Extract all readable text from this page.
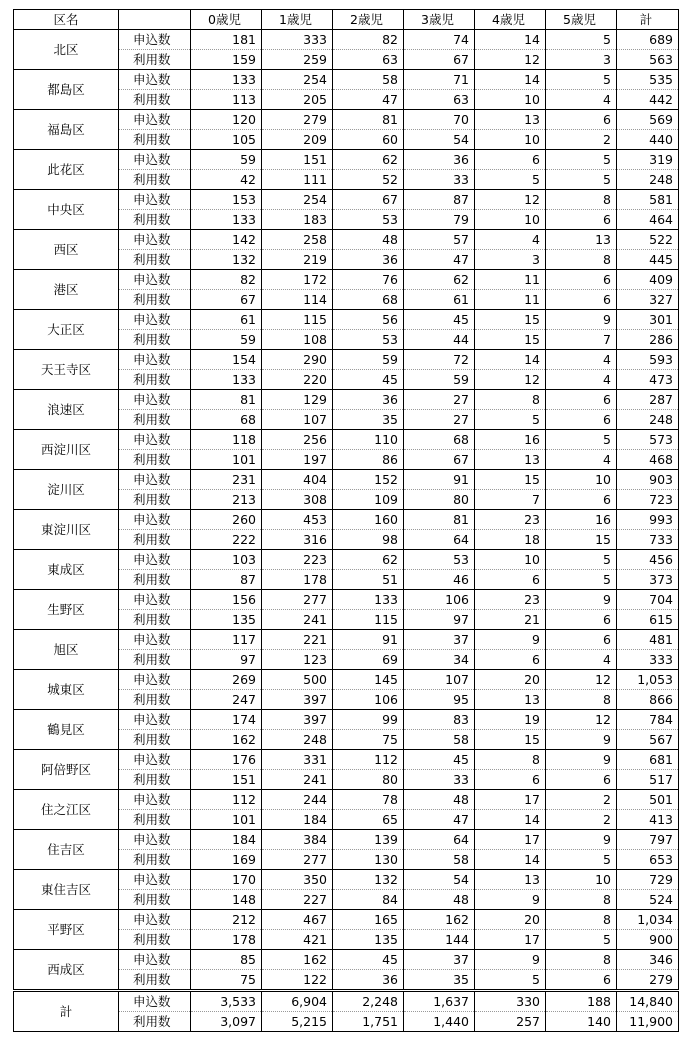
区名		0歳児	1歳児	2歳児	3歳児	4歳児	5歳児	計
北区	申込数	181	333	82	74	14	5	689
	利用数	159	259	63	67	12	3	563
都島区	申込数	133	254	58	71	14	5	535
	利用数	113	205	47	63	10	4	442
福島区	申込数	120	279	81	70	13	6	569
	利用数	105	209	60	54	10	2	440
此花区	申込数	59	151	62	36	6	5	319
	利用数	42	111	52	33	5	5	248
中央区	申込数	153	254	67	87	12	8	581
	利用数	133	183	53	79	10	6	464
西区	申込数	142	258	48	57	4	13	522
	利用数	132	219	36	47	3	8	445
港区	申込数	82	172	76	62	11	6	409
	利用数	67	114	68	61	11	6	327
大正区	申込数	61	115	56	45	15	9	301
	利用数	59	108	53	44	15	7	286
天王寺区	申込数	154	290	59	72	14	4	593
	利用数	133	220	45	59	12	4	473
浪速区	申込数	81	129	36	27	8	6	287
	利用数	68	107	35	27	5	6	248
西淀川区	申込数	118	256	110	68	16	5	573
	利用数	101	197	86	67	13	4	468
淀川区	申込数	231	404	152	91	15	10	903
	利用数	213	308	109	80	7	6	723
東淀川区	申込数	260	453	160	81	23	16	993
	利用数	222	316	98	64	18	15	733
東成区	申込数	103	223	62	53	10	5	456
	利用数	87	178	51	46	6	5	373
生野区	申込数	156	277	133	106	23	9	704
	利用数	135	241	115	97	21	6	615
旭区	申込数	117	221	91	37	9	6	481
	利用数	97	123	69	34	6	4	333
城東区	申込数	269	500	145	107	20	12	1,053
	利用数	247	397	106	95	13	8	866
鶴見区	申込数	174	397	99	83	19	12	784
	利用数	162	248	75	58	15	9	567
阿倍野区	申込数	176	331	112	45	8	9	681
	利用数	151	241	80	33	6	6	517
住之江区	申込数	112	244	78	48	17	2	501
	利用数	101	184	65	47	14	2	413
住吉区	申込数	184	384	139	64	17	9	797
	利用数	169	277	130	58	14	5	653
東住吉区	申込数	170	350	132	54	13	10	729
	利用数	148	227	84	48	9	8	524
平野区	申込数	212	467	165	162	20	8	1,034
	利用数	178	421	135	144	17	5	900
西成区	申込数	85	162	45	37	9	8	346
	利用数	75	122	36	35	5	6	279
計	申込数	3,533	6,904	2,248	1,637	330	188	14,840
	利用数	3,097	5,215	1,751	1,440	257	140	11,900
